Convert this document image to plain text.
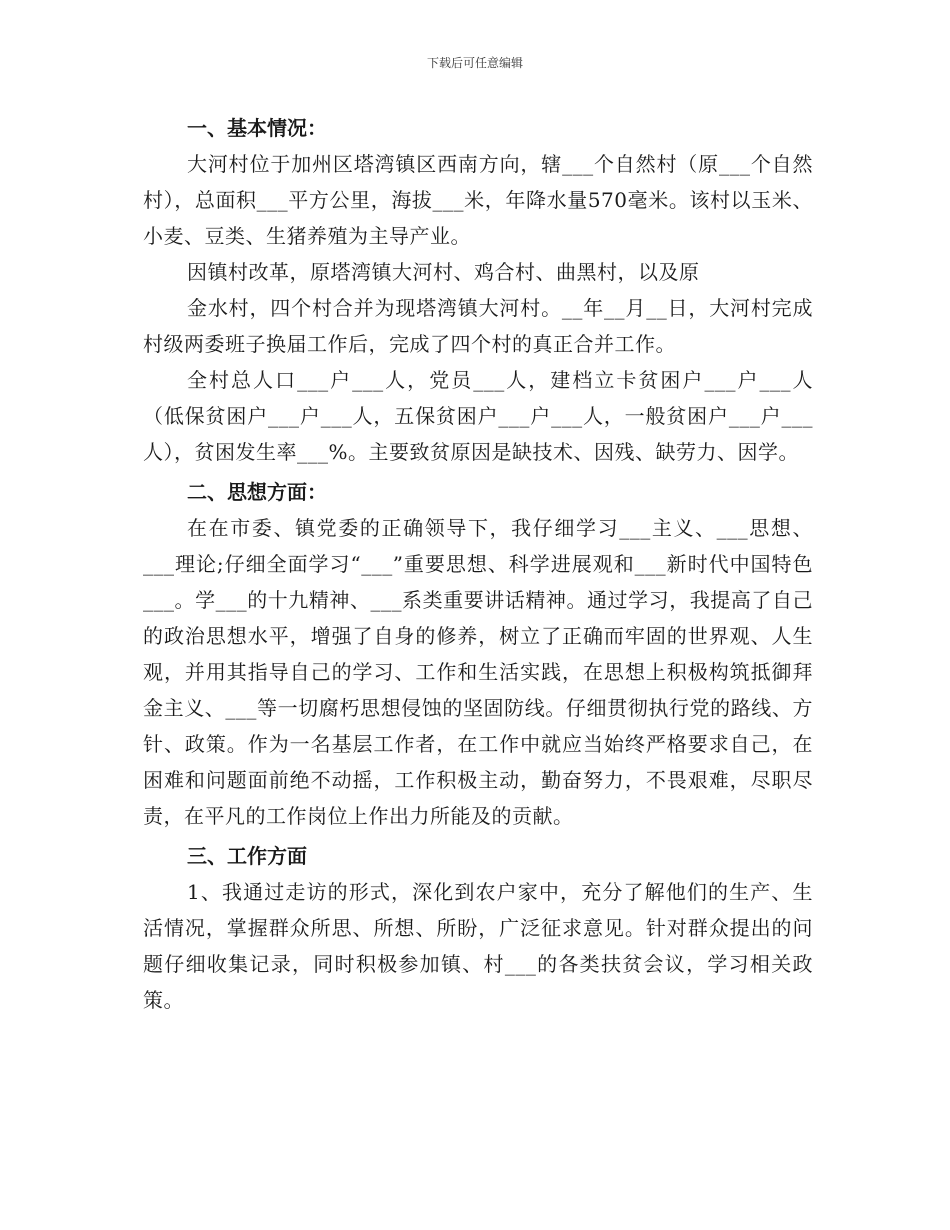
下载后可任意编辑
一、基本情况：

大河村位于加州区塔湾镇区西南方向，辖___个自然村（原___个自然村），总面积___平方公里，海拔___米，年降水量570毫米。该村以玉米、小麦、豆类、生猪养殖为主导产业。

因镇村改革，原塔湾镇大河村、鸡合村、曲黑村，以及原

金水村，四个村合并为现塔湾镇大河村。__年__月__日，大河村完成村级两委班子换届工作后，完成了四个村的真正合并工作。

全村总人口___户___人，党员___人，建档立卡贫困户___户___人（低保贫困户___户___人，五保贫困户___户___人，一般贫困户___户___人），贫困发生率___%。主要致贫原因是缺技术、因残、缺劳力、因学。

二、思想方面：

在在市委、镇党委的正确领导下，我仔细学习___主义、___思想、___理论;仔细全面学习“___”重要思想、科学进展观和___新时代中国特色___。学___的十九精神、___系类重要讲话精神。通过学习，我提高了自己的政治思想水平，增强了自身的修养，树立了正确而牢固的世界观、人生观，并用其指导自己的学习、工作和生活实践，在思想上积极构筑抵御拜金主义、___等一切腐朽思想侵蚀的坚固防线。仔细贯彻执行党的路线、方针、政策。作为一名基层工作者，在工作中就应当始终严格要求自己，在困难和问题面前绝不动摇，工作积极主动，勤奋努力，不畏艰难，尽职尽责，在平凡的工作岗位上作出力所能及的贡献。

三、工作方面

1、我通过走访的形式，深化到农户家中，充分了解他们的生产、生活情况，掌握群众所思、所想、所盼，广泛征求意见。针对群众提出的问题仔细收集记录，同时积极参加镇、村___的各类扶贫会议，学习相关政策。
